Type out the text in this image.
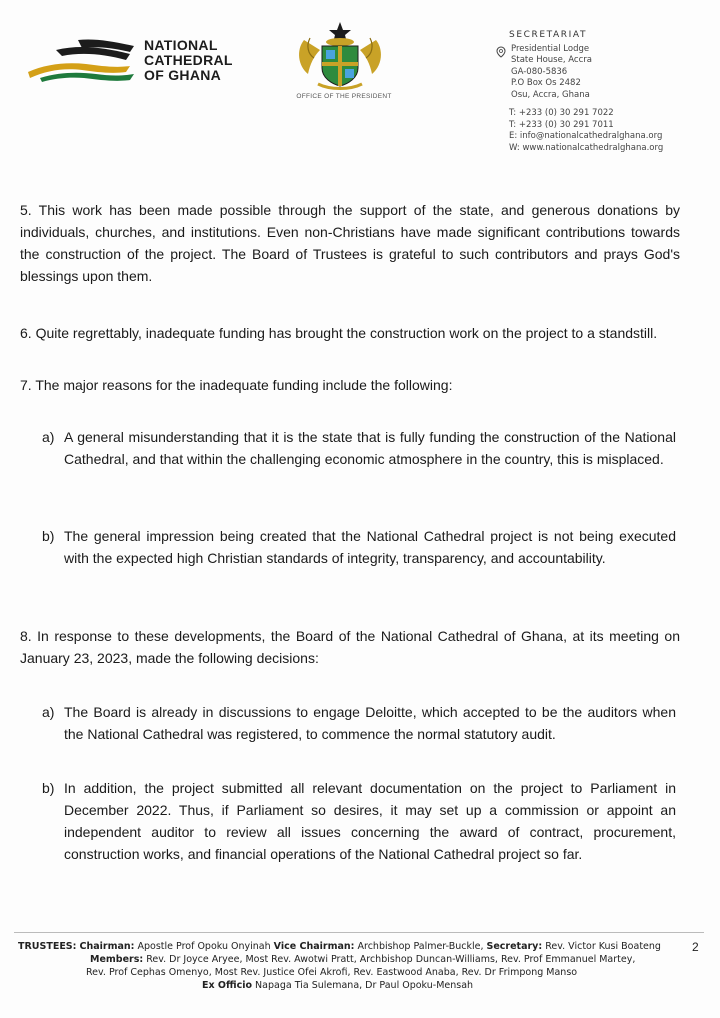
NATIONAL
CATHEDRAL
OF GHANA
OFFICE OF THE PRESIDENT
SECRETARIAT
Presidential Lodge
State House, Accra
GA-080-5836
P.O Box Os 2482
Osu, Accra, Ghana
T: +233 (0) 30 291 7022
T: +233 (0) 30 291 7011
E: info@nationalcathedralghana.org
W: www.nationalcathedralghana.org

5. This work has been made possible through the support of the state, and generous donations by individuals, churches, and institutions. Even non-Christians have made significant contributions towards the construction of the project. The Board of Trustees is grateful to such contributors and prays God's blessings upon them.

6. Quite regrettably, inadequate funding has brought the construction work on the project to a standstill.

7. The major reasons for the inadequate funding include the following:

a) A general misunderstanding that it is the state that is fully funding the construction of the National Cathedral, and that within the challenging economic atmosphere in the country, this is misplaced.

b) The general impression being created that the National Cathedral project is not being executed with the expected high Christian standards of integrity, transparency, and accountability.

8. In response to these developments, the Board of the National Cathedral of Ghana, at its meeting on January 23, 2023, made the following decisions:

a) The Board is already in discussions to engage Deloitte, which accepted to be the auditors when the National Cathedral was registered, to commence the normal statutory audit.

b) In addition, the project submitted all relevant documentation on the project to Parliament in December 2022. Thus, if Parliament so desires, it may set up a commission or appoint an independent auditor to review all issues concerning the award of contract, procurement, construction works, and financial operations of the National Cathedral project so far.

TRUSTEES: Chairman: Apostle Prof Opoku Onyinah Vice Chairman: Archbishop Palmer-Buckle, Secretary: Rev. Victor Kusi Boateng
Members: Rev. Dr Joyce Aryee, Most Rev. Awotwi Pratt, Archbishop Duncan-Williams, Rev. Prof Emmanuel Martey,
Rev. Prof Cephas Omenyo, Most Rev. Justice Ofei Akrofi, Rev. Eastwood Anaba, Rev. Dr Frimpong Manso
Ex Officio Napaga Tia Sulemana, Dr Paul Opoku-Mensah
2
